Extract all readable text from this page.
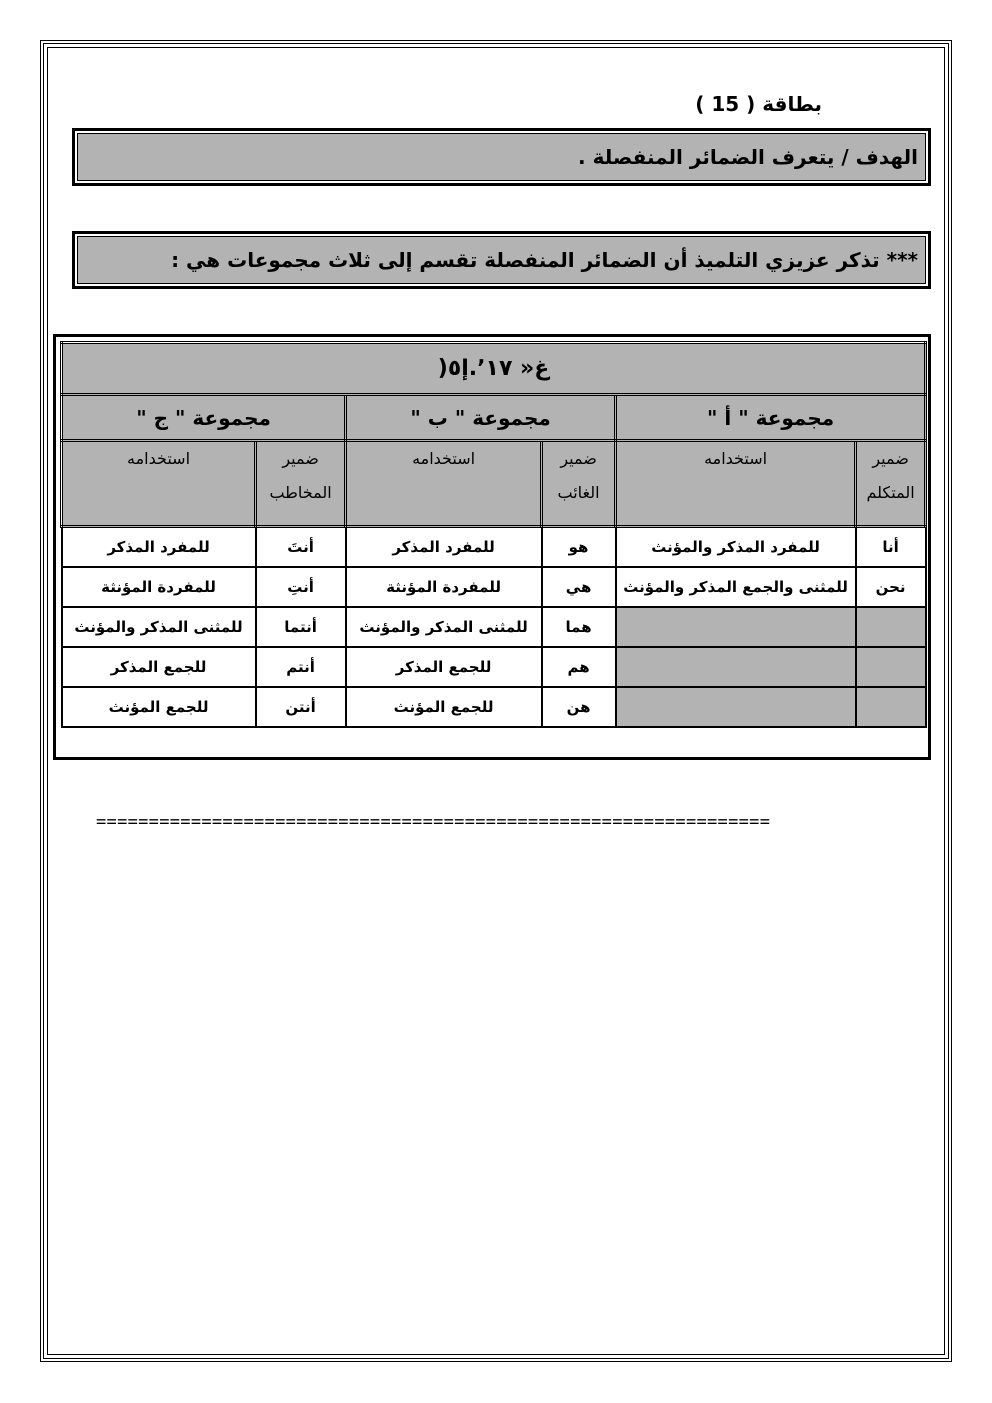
بطاقة ( 15 )
الهدف / يتعرف الضمائر المنفصلة .
*** تذكر عزيزي التلميذ أن الضمائر المنفصلة تقسم إلى ثلاث مجموعات هي :
غ« ٬١٧.إ٥(					
مجموعة " أ "		مجموعة " ب "		مجموعة " ج "	
ضمير المتكلم	استخدامه	ضمير الغائب	استخدامه	ضمير المخاطب	استخدامه
أنا	للمفرد المذكر والمؤنث	هو	للمفرد المذكر	أنتَ	للمفرد المذكر
نحن	للمثنى والجمع المذكر والمؤنث	هي	للمفردة المؤنثة	أنتِ	للمفردة المؤنثة
		هما	للمثنى المذكر والمؤنث	أنتما	للمثنى المذكر والمؤنث
		هم	للجمع المذكر	أنتم	للجمع المذكر
		هن	للجمع المؤنث	أنتن	للجمع المؤنث
================================================================
